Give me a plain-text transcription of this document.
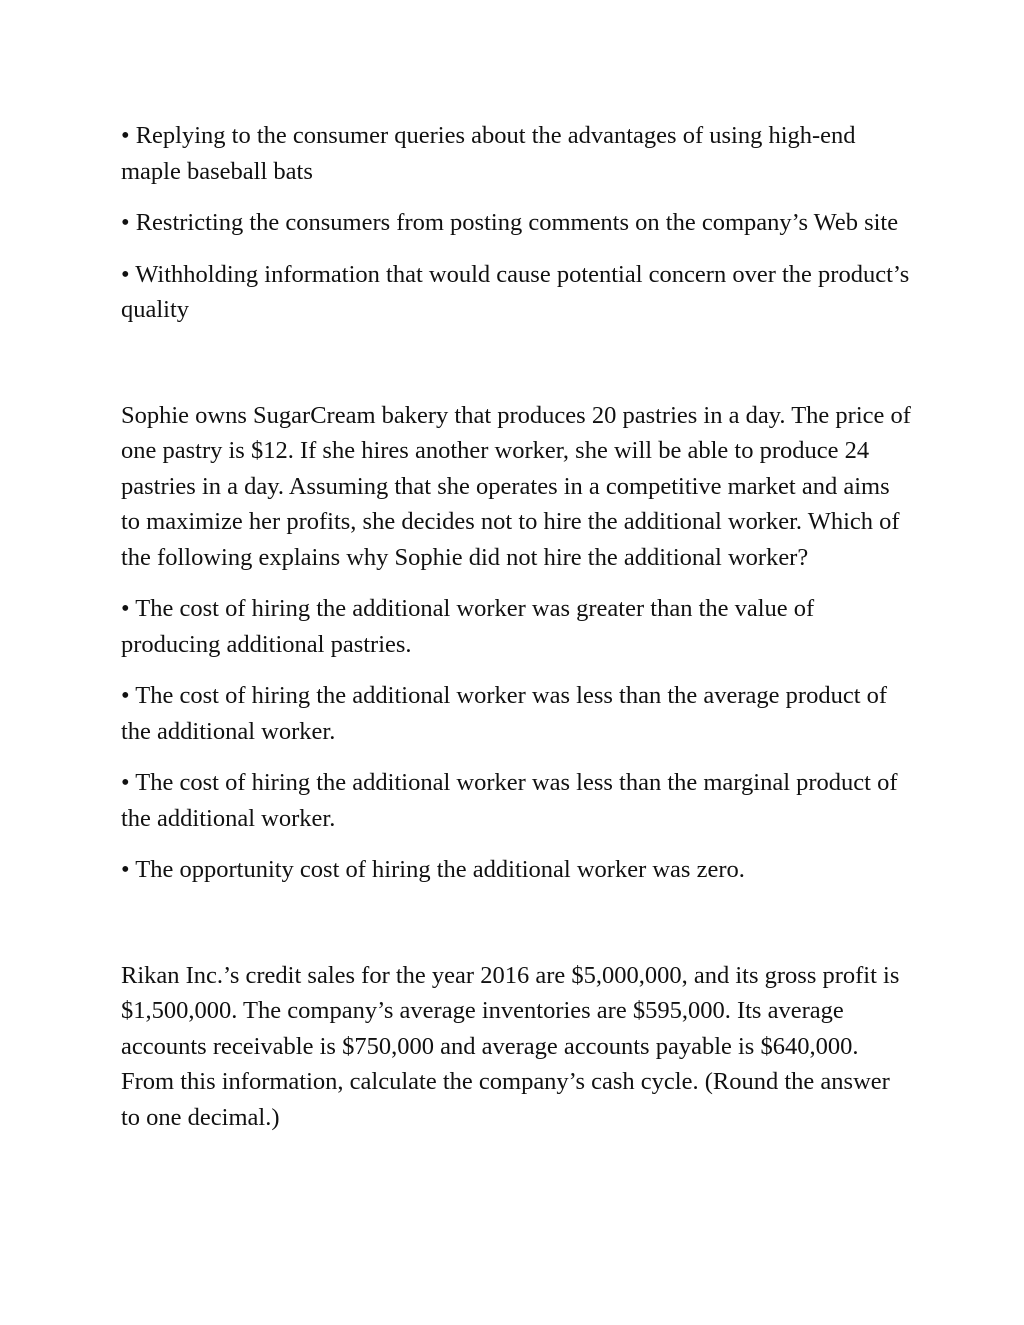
• Replying to the consumer queries about the advantages of using high-end maple baseball bats

• Restricting the consumers from posting comments on the company’s Web site

• Withholding information that would cause potential concern over the product’s quality

Sophie owns SugarCream bakery that produces 20 pastries in a day. The price of one pastry is $12. If she hires another worker, she will be able to produce 24 pastries in a day. Assuming that she operates in a competitive market and aims to maximize her profits, she decides not to hire the additional worker. Which of the following explains why Sophie did not hire the additional worker?

• The cost of hiring the additional worker was greater than the value of producing additional pastries.

• The cost of hiring the additional worker was less than the average product of the additional worker.

• The cost of hiring the additional worker was less than the marginal product of the additional worker.

• The opportunity cost of hiring the additional worker was zero.

Rikan Inc.’s credit sales for the year 2016 are $5,000,000, and its gross profit is $1,500,000. The company’s average inventories are $595,000. Its average accounts receivable is $750,000 and average accounts payable is $640,000. From this information, calculate the company’s cash cycle. (Round the answer to one decimal.)
